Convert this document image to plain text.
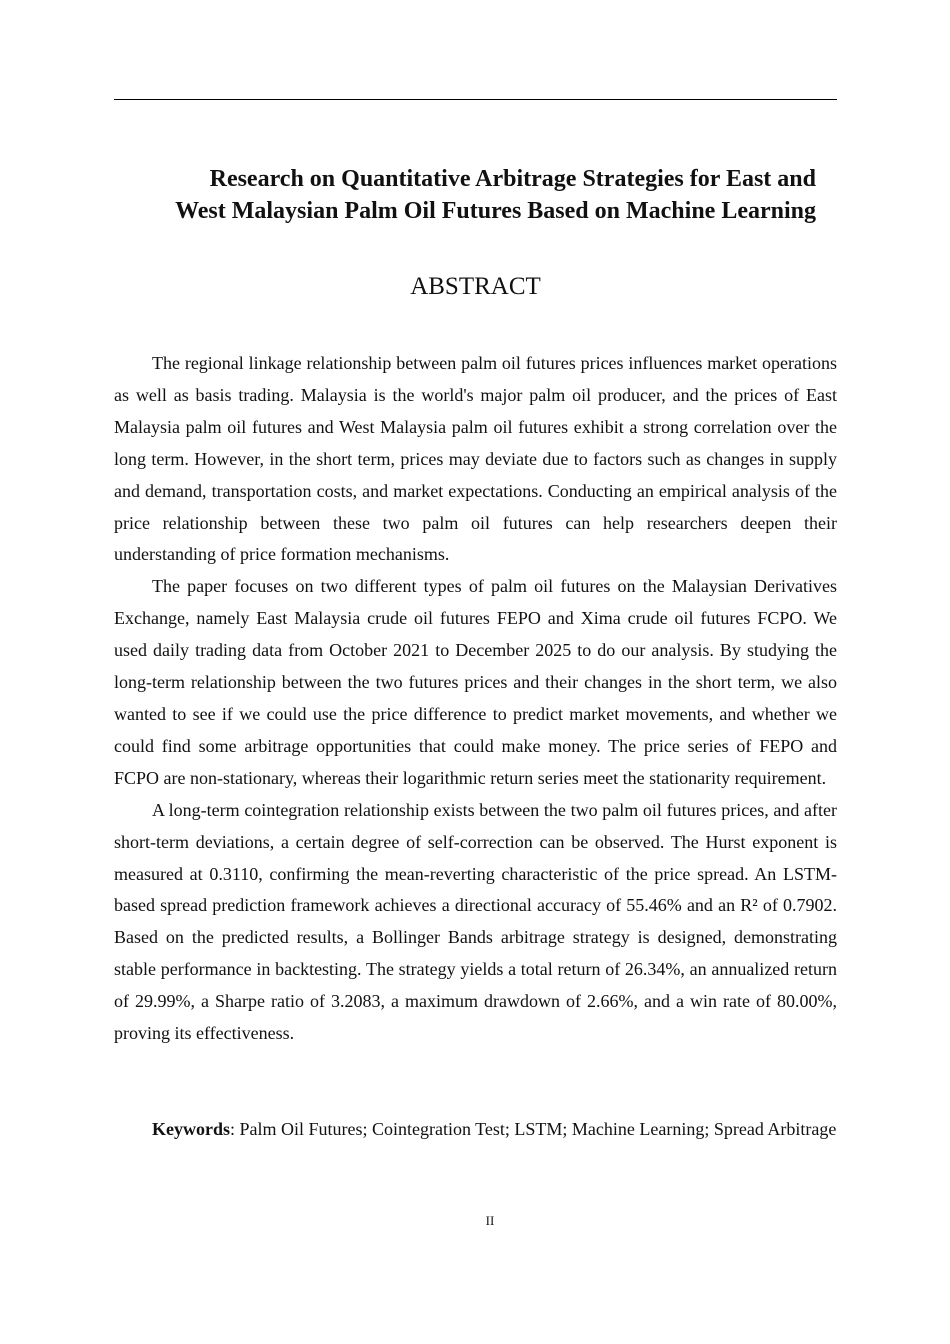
Research on Quantitative Arbitrage Strategies for East and
West Malaysian Palm Oil Futures Based on Machine Learning
ABSTRACT

The regional linkage relationship between palm oil futures prices influences market operations as well as basis trading. Malaysia is the world's major palm oil producer, and the prices of East Malaysia palm oil futures and West Malaysia palm oil futures exhibit a strong correlation over the long term. However, in the short term, prices may deviate due to factors such as changes in supply and demand, transportation costs, and market expectations. Conducting an empirical analysis of the price relationship between these two palm oil futures can help researchers deepen their understanding of price formation mechanisms.

The paper focuses on two different types of palm oil futures on the Malaysian Derivatives Exchange, namely East Malaysia crude oil futures FEPO and Xima crude oil futures FCPO. We used daily trading data from October 2021 to December 2025 to do our analysis. By studying the long-term relationship between the two futures prices and their changes in the short term, we also wanted to see if we could use the price difference to predict market movements, and whether we could find some arbitrage opportunities that could make money. The price series of FEPO and FCPO are non-stationary, whereas their logarithmic return series meet the stationarity requirement.

A long-term cointegration relationship exists between the two palm oil futures prices, and after short-term deviations, a certain degree of self-correction can be observed. The Hurst exponent is measured at 0.3110, confirming the mean-reverting characteristic of the price spread. An LSTM-based spread prediction framework achieves a directional accuracy of 55.46% and an R² of 0.7902. Based on the predicted results, a Bollinger Bands arbitrage strategy is designed, demonstrating stable performance in backtesting. The strategy yields a total return of 26.34%, an annualized return of 29.99%, a Sharpe ratio of 3.2083, a maximum drawdown of 2.66%, and a win rate of 80.00%, proving its effectiveness.

Keywords: Palm Oil Futures; Cointegration Test; LSTM; Machine Learning; Spread Arbitrage

II
